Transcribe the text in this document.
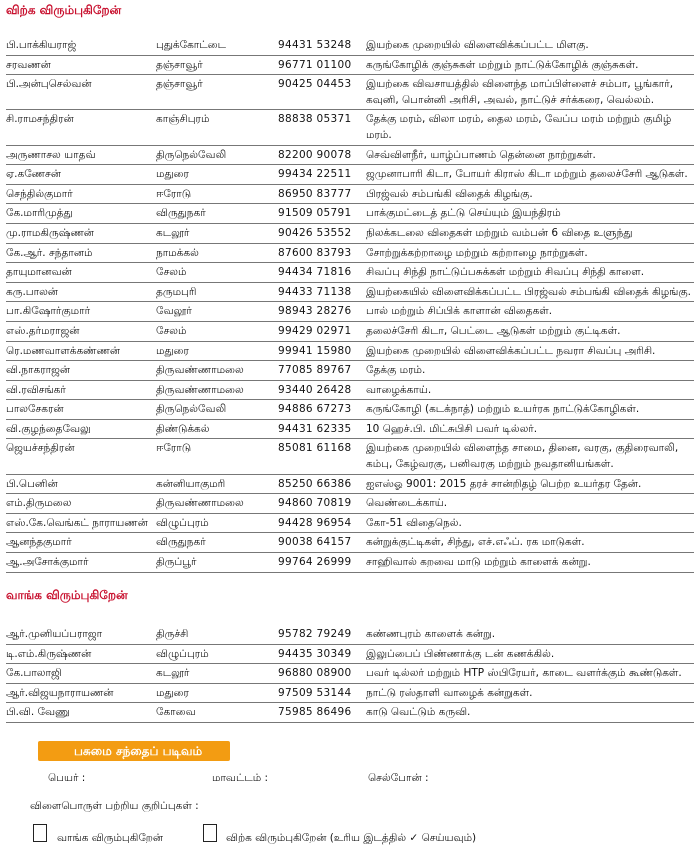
விற்க விரும்புகிறேன்
பி.பாக்கியராஜ்	புதுக்கோட்டை	94431 53248	இயற்கை முறையில் விளைவிக்கப்பட்ட மிளகு.
சரவணன்	தஞ்சாவூர்	96771 01100	கருங்கோழிக் குஞ்சுகள் மற்றும் நாட்டுக்கோழிக் குஞ்சுகள்.
பி.அன்புசெல்வன்	தஞ்சாவூர்	90425 04453	இயற்கை விவசாயத்தில் விளைந்த மாப்பிள்ளைச் சம்பா, பூங்கார், கவுனி, பொன்னி அரிசி, அவல், நாட்டுச் சர்க்கரை, வெல்லம்.
சி.ராமசந்திரன்	காஞ்சிபுரம்	88838 05371	தேக்கு மரம், விலா மரம், தைல மரம், வேப்ப மரம் மற்றும் குமிழ் மரம்.
அருணாசல யாதவ்	திருநெல்வேலி	82200 90078	செவ்விளநீர், யாழ்ப்பாணம் தென்னை நாற்றுகள்.
ஏ.கணேசன்	மதுரை	99434 22511	ஜமுனாபாரி கிடா, போயர் கிராஸ் கிடா மற்றும் தலைச்சேரி ஆடுகள்.
செந்தில்குமார்	ஈரோடு	86950 83777	பிரஜ்வல் சம்பங்கி விதைக் கிழங்கு.
கே.மாரிமுத்து	விருதுநகர்	91509 05791	பாக்குமட்டைத் தட்டு செய்யும் இயந்திரம்
மு.ராமகிருஷ்ணன்	கடலூர்	90426 53552	நிலக்கடலை விதைகள் மற்றும் வம்பன் 6 விதை உளுந்து
கே.ஆர். சந்தானம்	நாமக்கல்	87600 83793	சோற்றுக்கற்றாழை மற்றும் கற்றாழை நாற்றுகள்.
தாயுமானவன்	சேலம்	94434 71816	சிவப்பு சிந்தி நாட்டுப்பசுக்கள் மற்றும் சிவப்பு சிந்தி காளை.
கரு.பாலன்	தருமபுரி	94433 71138	இயற்கையில் விளைவிக்கப்பட்ட பிரஜ்வல் சம்பங்கி விதைக் கிழங்கு.
பா.கிஷோர்குமார்	வேலூர்	98943 28276	பால் மற்றும் சிப்பிக் காளான் விதைகள்.
எஸ்.தர்மராஜன்	சேலம்	99429 02971	தலைச்சேரி கிடா, பெட்டை ஆடுகள் மற்றும் குட்டிகள்.
ரெ.மணவாளக்கண்ணன்	மதுரை	99941 15980	இயற்கை முறையில் விளைவிக்கப்பட்ட நவரா சிவப்பு அரிசி.
வி.நாகராஜன்	திருவண்ணாமலை	77085 89767	தேக்கு மரம்.
வி.ரவிசங்கர்	திருவண்ணாமலை	93440 26428	வாழைக்காய்.
பாலசேகரன்	திருநெல்வேலி	94886 67273	கருங்கோழி (கடக்நாத்) மற்றும் உயர்ரக நாட்டுக்கோழிகள்.
வி.குழந்தைவேலு	திண்டுக்கல்	94431 62335	10 ஹெச்.பி. மிட்சுபிசி பவர் டில்லர்.
ஜெயச்சந்திரன்	ஈரோடு	85081 61168	இயற்கை முறையில் விளைந்த சாமை, தினை, வரகு, குதிரைவாலி, கம்பு, கேழ்வரகு, பனிவரகு மற்றும் நவதானியங்கள்.
பி.பெனின்	கன்னியாகுமரி	85250 66386	ஐஎஸ்ஓ 9001: 2015 தரச் சான்றிதழ் பெற்ற உயர்தர தேன்.
எம்.திருமலை	திருவண்ணாமலை	94860 70819	வெண்டைக்காய்.
எஸ்.கே.வெங்கட் நாராயணன்	விழுப்புரம்	94428 96954	கோ-51 விதைநெல்.
ஆனந்தகுமார்	விருதுநகர்	90038 64157	கன்றுக்குட்டிகள், சிந்து, எச்.எஃப். ரக மாடுகள்.
ஆ.அசோக்குமார்	திருப்பூர்	99764 26999	சாஹிவால் கறவை மாடு மற்றும் காளைக் கன்று.
வாங்க விரும்புகிறேன்
ஆர்.முனியப்பராஜா	திருச்சி	95782 79249	கண்ணபுரம் காளைக் கன்று.
டி.எம்.கிருஷ்ணன்	விழுப்புரம்	94435 30349	இலுப்பைப் பிண்ணாக்கு டன் கணக்கில்.
கே.பாலாஜி	கடலூர்	96880 08900	பவர் டில்லர் மற்றும் HTP ஸ்பிரேயர், காடை வளர்க்கும் கூண்டுகள்.
ஆர்.விஜயநாராயணன்	மதுரை	97509 53144	நாட்டு ரஸ்தாளி வாழைக் கன்றுகள்.
பி.வி. வேணு	கோவை	75985 86496	காடு வெட்டும் கருவி.
பசுமை சந்தைப் படிவம்
பெயர் :	மாவட்டம் :	செல்போன் :
விளைபொருள் பற்றிய குறிப்புகள் :
வாங்க விரும்புகிறேன்	விற்க விரும்புகிறேன் (உரிய இடத்தில் ✓ செய்யவும்)
